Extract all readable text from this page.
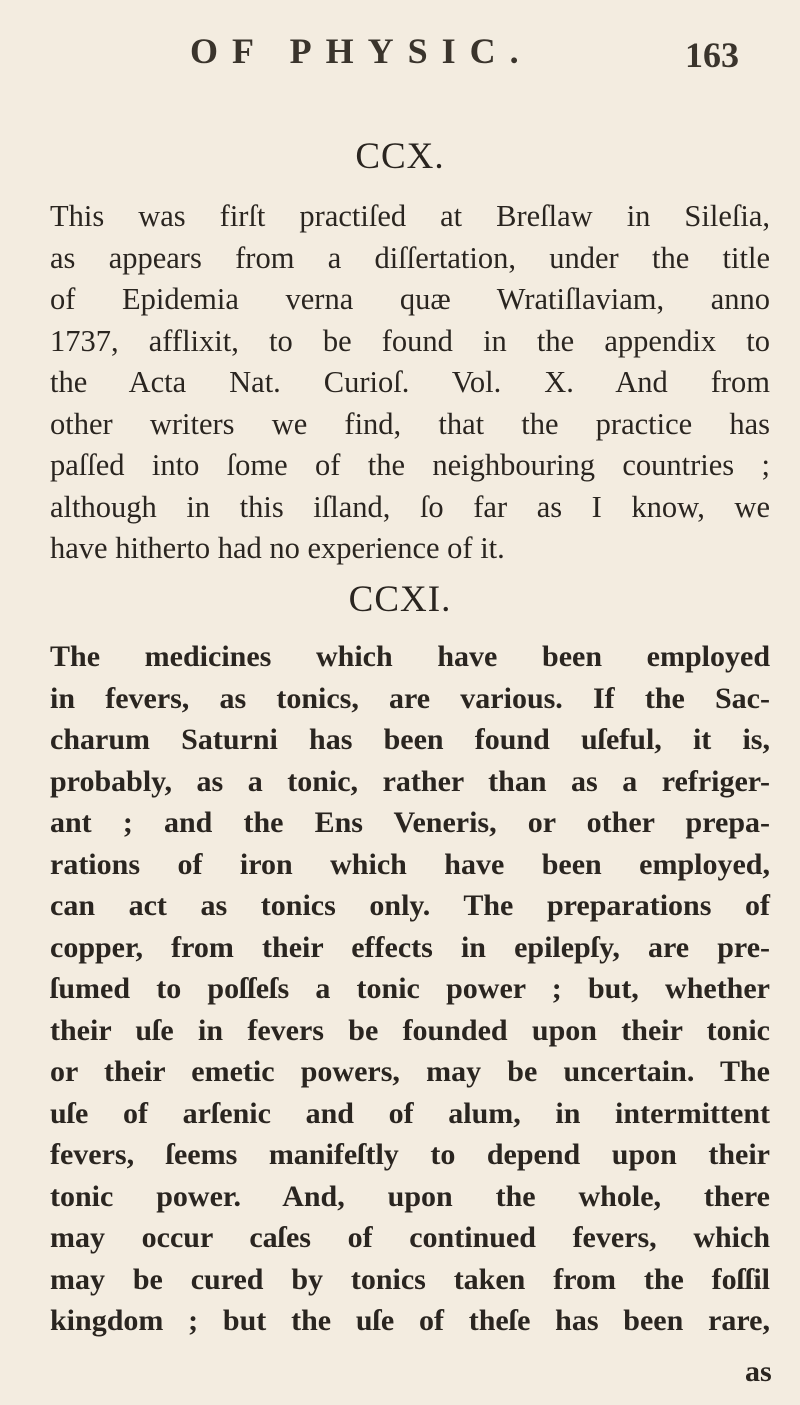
OF PHYSIC.	163
CCX.
This was firſt practiſed at Breſlaw in Sileſia,
as appears from a diſſertation, under the title
of Epidemia verna quæ Wratiſlaviam, anno
1737, afflixit, to be found in the appendix to
the Acta Nat. Curioſ. Vol. X. And from
other writers we find, that the practice has
paſſed into ſome of the neighbouring countries ;
although in this iſland, ſo far as I know, we
have hitherto had no experience of it.
CCXI.
The medicines which have been employed
in fevers, as tonics, are various. If the Sac-
charum Saturni has been found uſeful, it is,
probably, as a tonic, rather than as a refriger-
ant ; and the Ens Veneris, or other prepa-
rations of iron which have been employed,
can act as tonics only. The preparations of
copper, from their effects in epilepſy, are pre-
ſumed to poſſeſs a tonic power ; but, whether
their uſe in fevers be founded upon their tonic
or their emetic powers, may be uncertain. The
uſe of arſenic and of alum, in intermittent
fevers, ſeems manifeſtly to depend upon their
tonic power. And, upon the whole, there
may occur caſes of continued fevers, which
may be cured by tonics taken from the foſſil
kingdom ; but the uſe of theſe has been rare,
as
